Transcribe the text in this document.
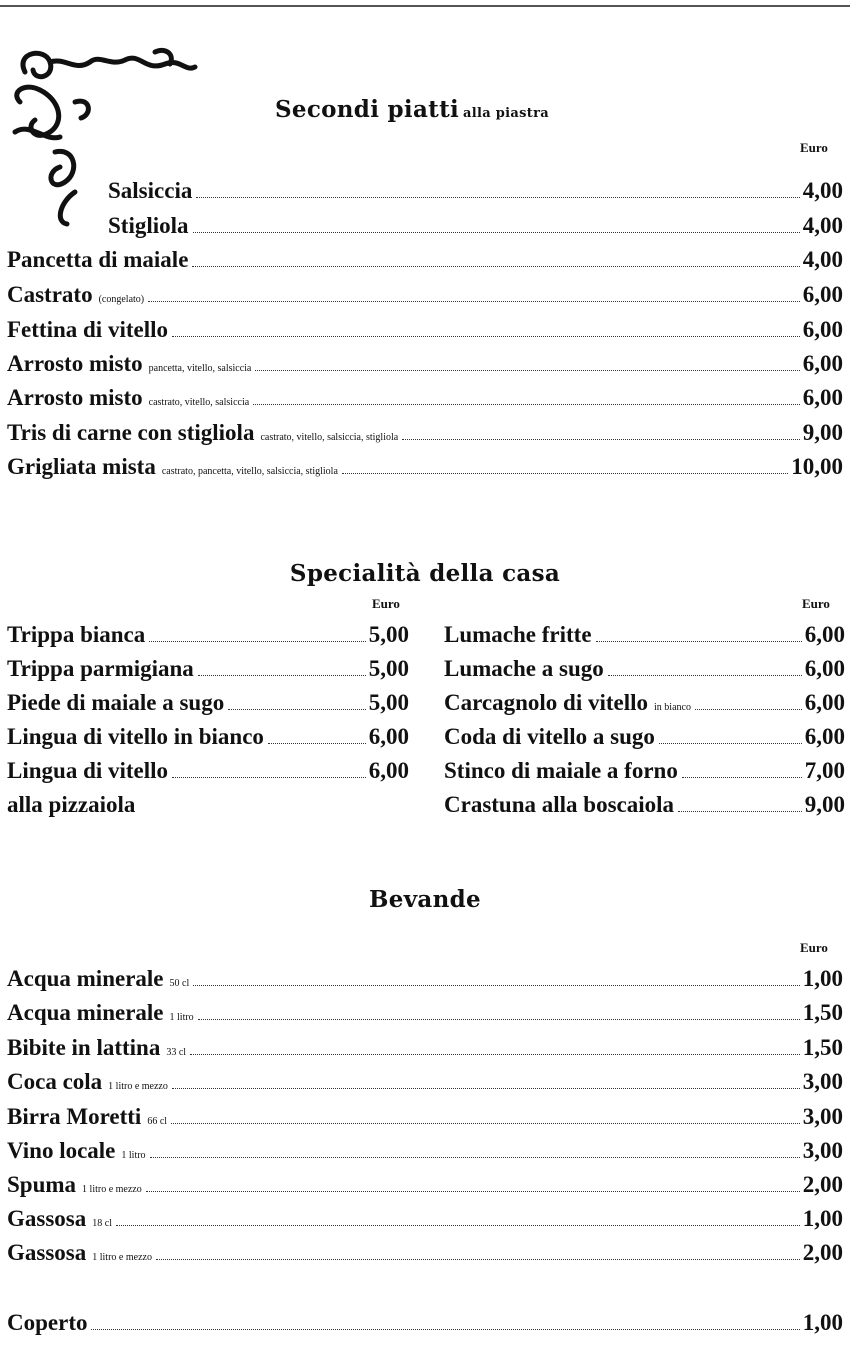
Secondi piatti alla piastra
Euro
Salsiccia	4,00
Stigliola	4,00
Pancetta di maiale	4,00
Castrato (congelato)	6,00
Fettina di vitello	6,00
Arrosto misto pancetta, vitello, salsiccia	6,00
Arrosto misto castrato, vitello, salsiccia	6,00
Tris di carne con stigliola castrato, vitello, salsiccia, stigliola	9,00
Grigliata mista castrato, pancetta, vitello, salsiccia, stigliola	10,00
Specialità della casa
Euro	Euro
Trippa bianca	5,00
Trippa parmigiana	5,00
Piede di maiale a sugo	5,00
Lingua di vitello in bianco	6,00
Lingua di vitello	6,00
alla pizzaiola
Lumache fritte	6,00
Lumache a sugo	6,00
Carcagnolo di vitello in bianco	6,00
Coda di vitello a sugo	6,00
Stinco di maiale a forno	7,00
Crastuna alla boscaiola	9,00
Bevande
Euro
Acqua minerale 50 cl	1,00
Acqua minerale 1 litro	1,50
Bibite in lattina 33 cl	1,50
Coca cola 1 litro e mezzo	3,00
Birra Moretti 66 cl	3,00
Vino locale 1 litro	3,00
Spuma 1 litro e mezzo	2,00
Gassosa 18 cl	1,00
Gassosa 1 litro e mezzo	2,00
Coperto	1,00
